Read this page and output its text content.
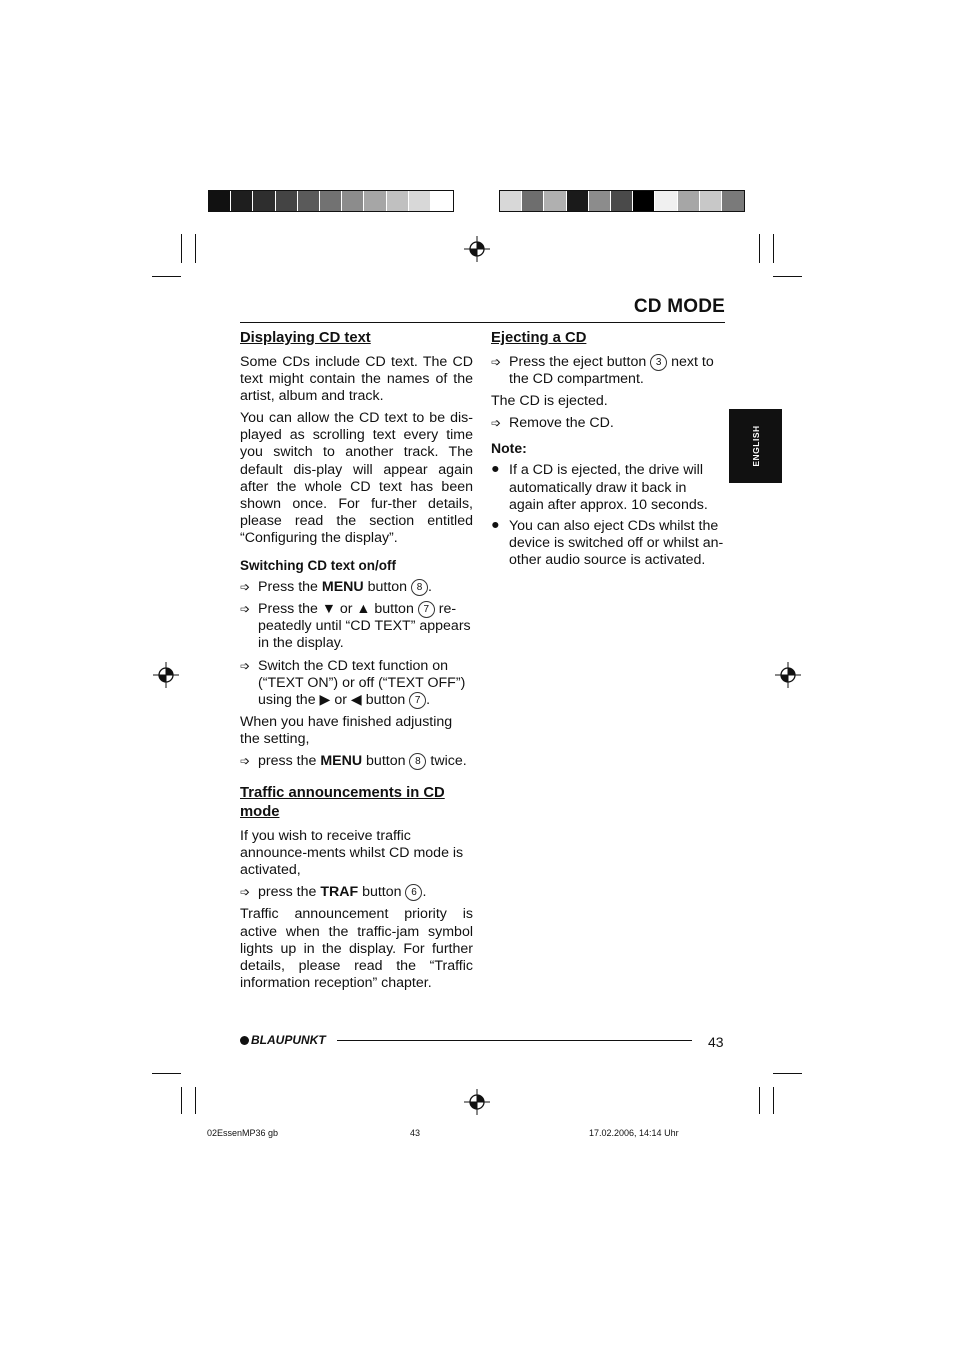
CD MODE
ENGLISH
Displaying CD text

Some CDs include CD text. The CD text might contain the names of the artist, album and track.

You can allow the CD text to be dis-played as scrolling text every time you switch to another track. The default dis-play will appear again after the whole CD text has been shown once. For fur-ther details, please read the section entitled “Configuring the display”.

Switching CD text on/off
➩ Press the MENU button 8 .
➩ Press the ▼ or ▲ button 7 re-peatedly until “CD TEXT” appears in the display.
➩ Switch the CD text function on (“TEXT ON”) or off (“TEXT OFF”) using the ▶ or ◀ button 7 .

When you have finished adjusting the setting,

➩ press the MENU button 8 twice.
Traffic announcements in CD mode

If you wish to receive traffic announce-ments whilst CD mode is activated,

➩ press the TRAF button 6 .

Traffic announcement priority is active when the traffic-jam symbol lights up in the display. For further details, please read the “Traffic information reception” chapter.

Ejecting a CD
➩ Press the eject button 3 next to the CD compartment.

The CD is ejected.

➩ Remove the CD.
Note:
● If a CD is ejected, the drive will automatically draw it back in again after approx. 10 seconds.
● You can also eject CDs whilst the device is switched off or whilst an-other audio source is activated.
BLAUPUNKT	43
02EssenMP36 gb	43	17.02.2006, 14:14 Uhr
